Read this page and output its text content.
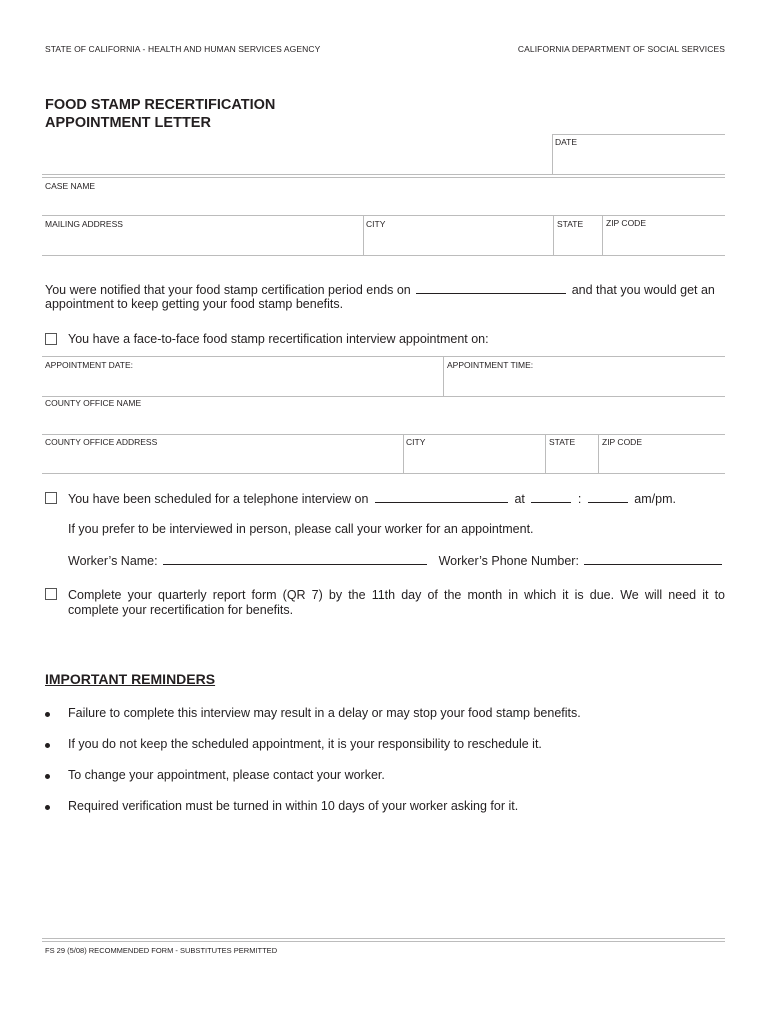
STATE OF CALIFORNIA - HEALTH AND HUMAN SERVICES AGENCY	CALIFORNIA DEPARTMENT OF SOCIAL SERVICES
FOOD STAMP RECERTIFICATION
APPOINTMENT LETTER
DATE
CASE NAME
MAILING ADDRESS	CITY	STATE	ZIP CODE
You were notified that your food stamp certification period ends on	and that you would get an
appointment to keep getting your food stamp benefits.
You have a face-to-face food stamp recertification interview appointment on:
APPOINTMENT DATE:	APPOINTMENT TIME:
COUNTY OFFICE NAME
COUNTY OFFICE ADDRESS	CITY	STATE	ZIP CODE
You have been scheduled for a telephone interview on	at	:	am/pm.
If you prefer to be interviewed in person, please call your worker for an appointment.
Worker’s Name:	Worker’s Phone Number:
Complete your quarterly report form (QR 7) by the 11th day of the month in which it is due. We will need it to
complete your recertification for benefits.
IMPORTANT REMINDERS
Failure to complete this interview may result in a delay or may stop your food stamp benefits.
If you do not keep the scheduled appointment, it is your responsibility to reschedule it.
To change your appointment, please contact your worker.
Required verification must be turned in within 10 days of your worker asking for it.
FS 29 (5/08) RECOMMENDED FORM - SUBSTITUTES PERMITTED
